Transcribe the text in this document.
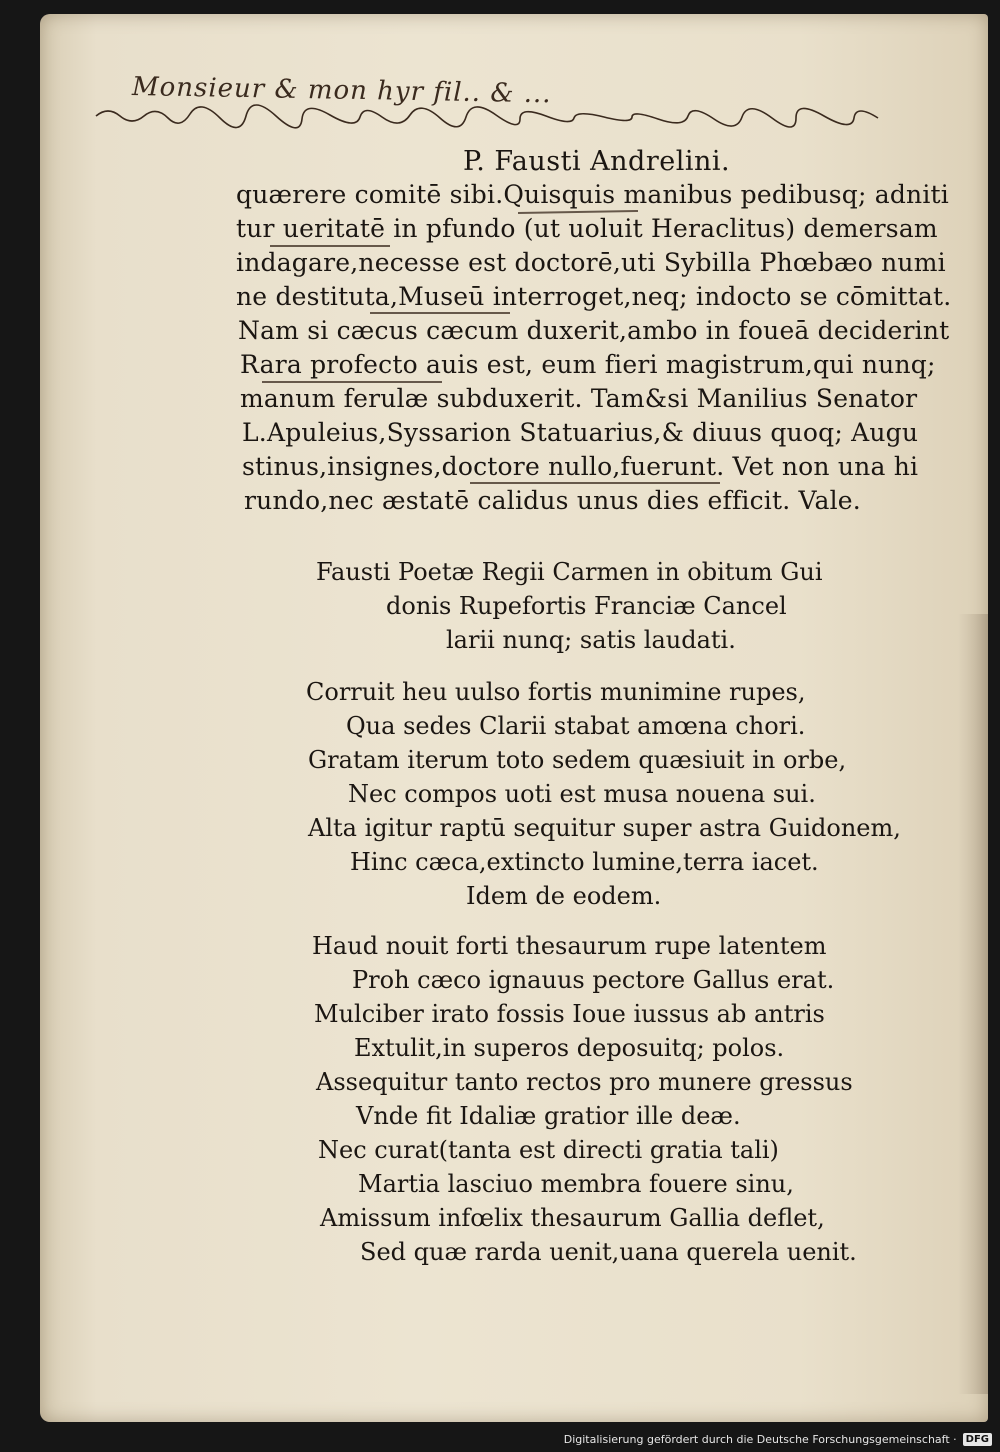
Monsieur & mon hyr fil.. & ...
P. Fausti Andrelini.
quærere comitē sibi.Quisquis manibus pedibusq; adniti
tur ueritatē in pfundo (ut uoluit Heraclitus) demersam
indagare,necesse est doctorē,uti Sybilla Phœbæo numi
ne destituta,Museū interroget,neq; indocto se cōmittat.
Nam si cæcus cæcum duxerit,ambo in foueā deciderint
Rara profecto auis est, eum fieri magistrum,qui nunq;
manum ferulæ subduxerit. Tam&si Manilius Senator
L.Apuleius,Syssarion Statuarius,& diuus quoq; Augu
stinus,insignes,doctore nullo,fuerunt. Vet non una hi
rundo,nec æstatē calidus unus dies efficit. Vale.
Fausti Poetæ Regii Carmen in obitum Gui
donis Rupefortis Franciæ Cancel
larii nunq; satis laudati.
Corruit heu uulso fortis munimine rupes,
Qua sedes Clarii stabat amœna chori.
Gratam iterum toto sedem quæsiuit in orbe,
Nec compos uoti est musa nouena sui.
Alta igitur raptū sequitur super astra Guidonem,
Hinc cæca,extincto lumine,terra iacet.
Idem de eodem.
Haud nouit forti thesaurum rupe latentem
Proh cæco ignauus pectore Gallus erat.
Mulciber irato fossis Ioue iussus ab antris
Extulit,in superos deposuitq; polos.
Assequitur tanto rectos pro munere gressus
Vnde fit Idaliæ gratior ille deæ.
Nec curat(tanta est directi gratia tali)
Martia lasciuo membra fouere sinu,
Amissum infœlix thesaurum Gallia deflet,
Sed quæ rarda uenit,uana querela uenit.
Digitalisierung gefördert durch die Deutsche Forschungsgemeinschaft · DFG
